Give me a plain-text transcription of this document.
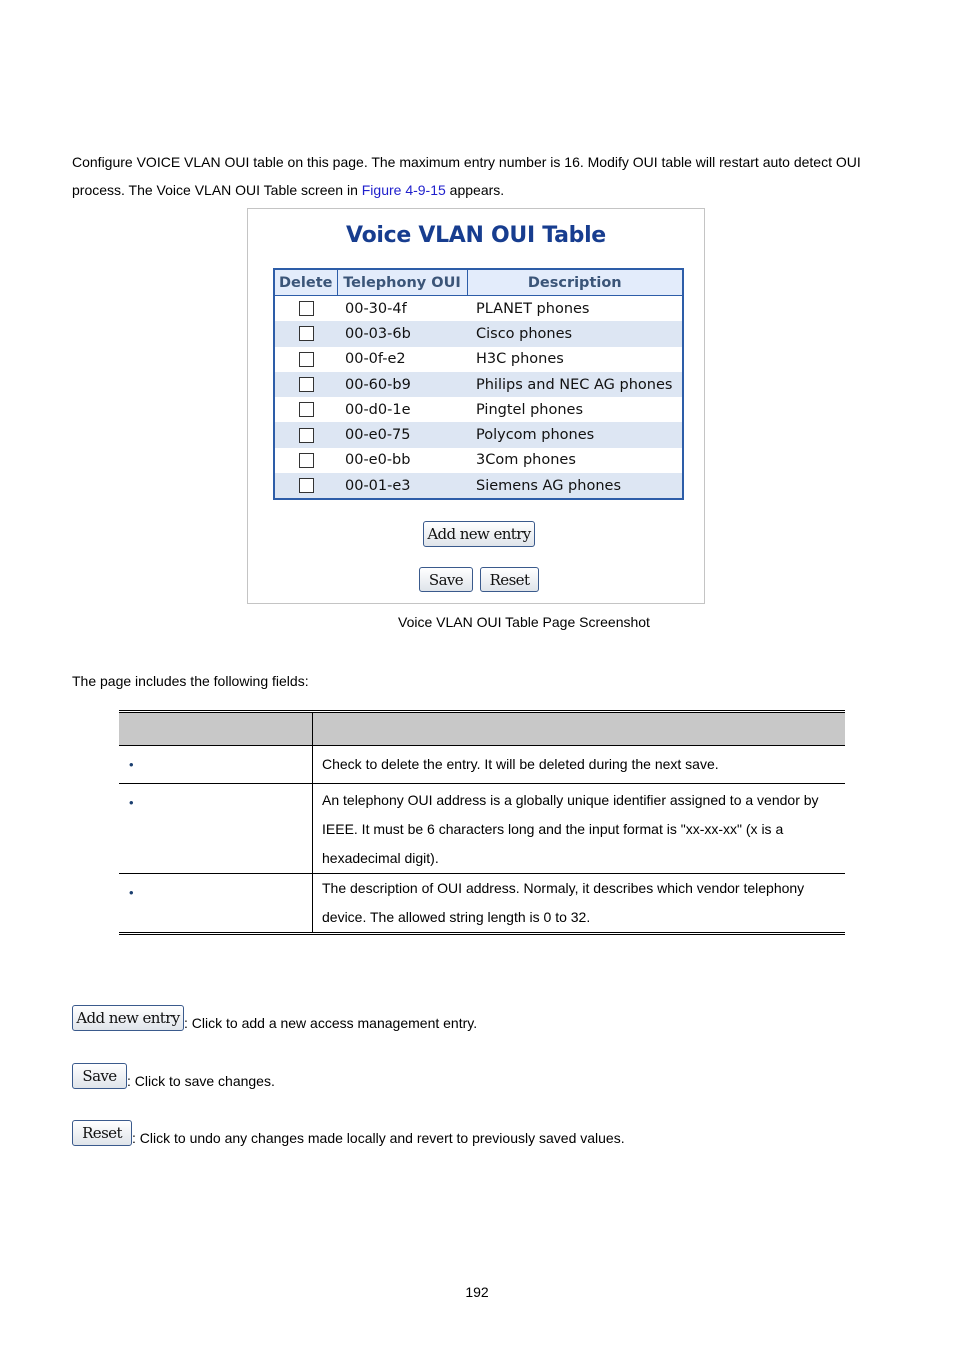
Configure VOICE VLAN OUI table on this page. The maximum entry number is 16. Modify OUI table will restart auto detect OUI process. The Voice VLAN OUI Table screen in Figure 4-9-15 appears.
Voice VLAN OUI Table
Delete	Telephony OUI	Description
	00-30-4f	PLANET phones
	00-03-6b	Cisco phones
	00-0f-e2	H3C phones
	00-60-b9	Philips and NEC AG phones
	00-d0-1e	Pingtel phones
	00-e0-75	Polycom phones
	00-e0-bb	3Com phones
	00-01-e3	Siemens AG phones
Add new entry
Save	Reset
Voice VLAN OUI Table Page Screenshot
The page includes the following fields:

•	Check to delete the entry. It will be deleted during the next save.
•	An telephony OUI address is a globally unique identifier assigned to a vendor by IEEE. It must be 6 characters long and the input format is "xx-xx-xx" (x is a hexadecimal digit).
•	The description of OUI address. Normaly, it describes which vendor telephony device. The allowed string length is 0 to 32.
Add new entry : Click to add a new access management entry.
Save : Click to save changes.
Reset : Click to undo any changes made locally and revert to previously saved values.
192
